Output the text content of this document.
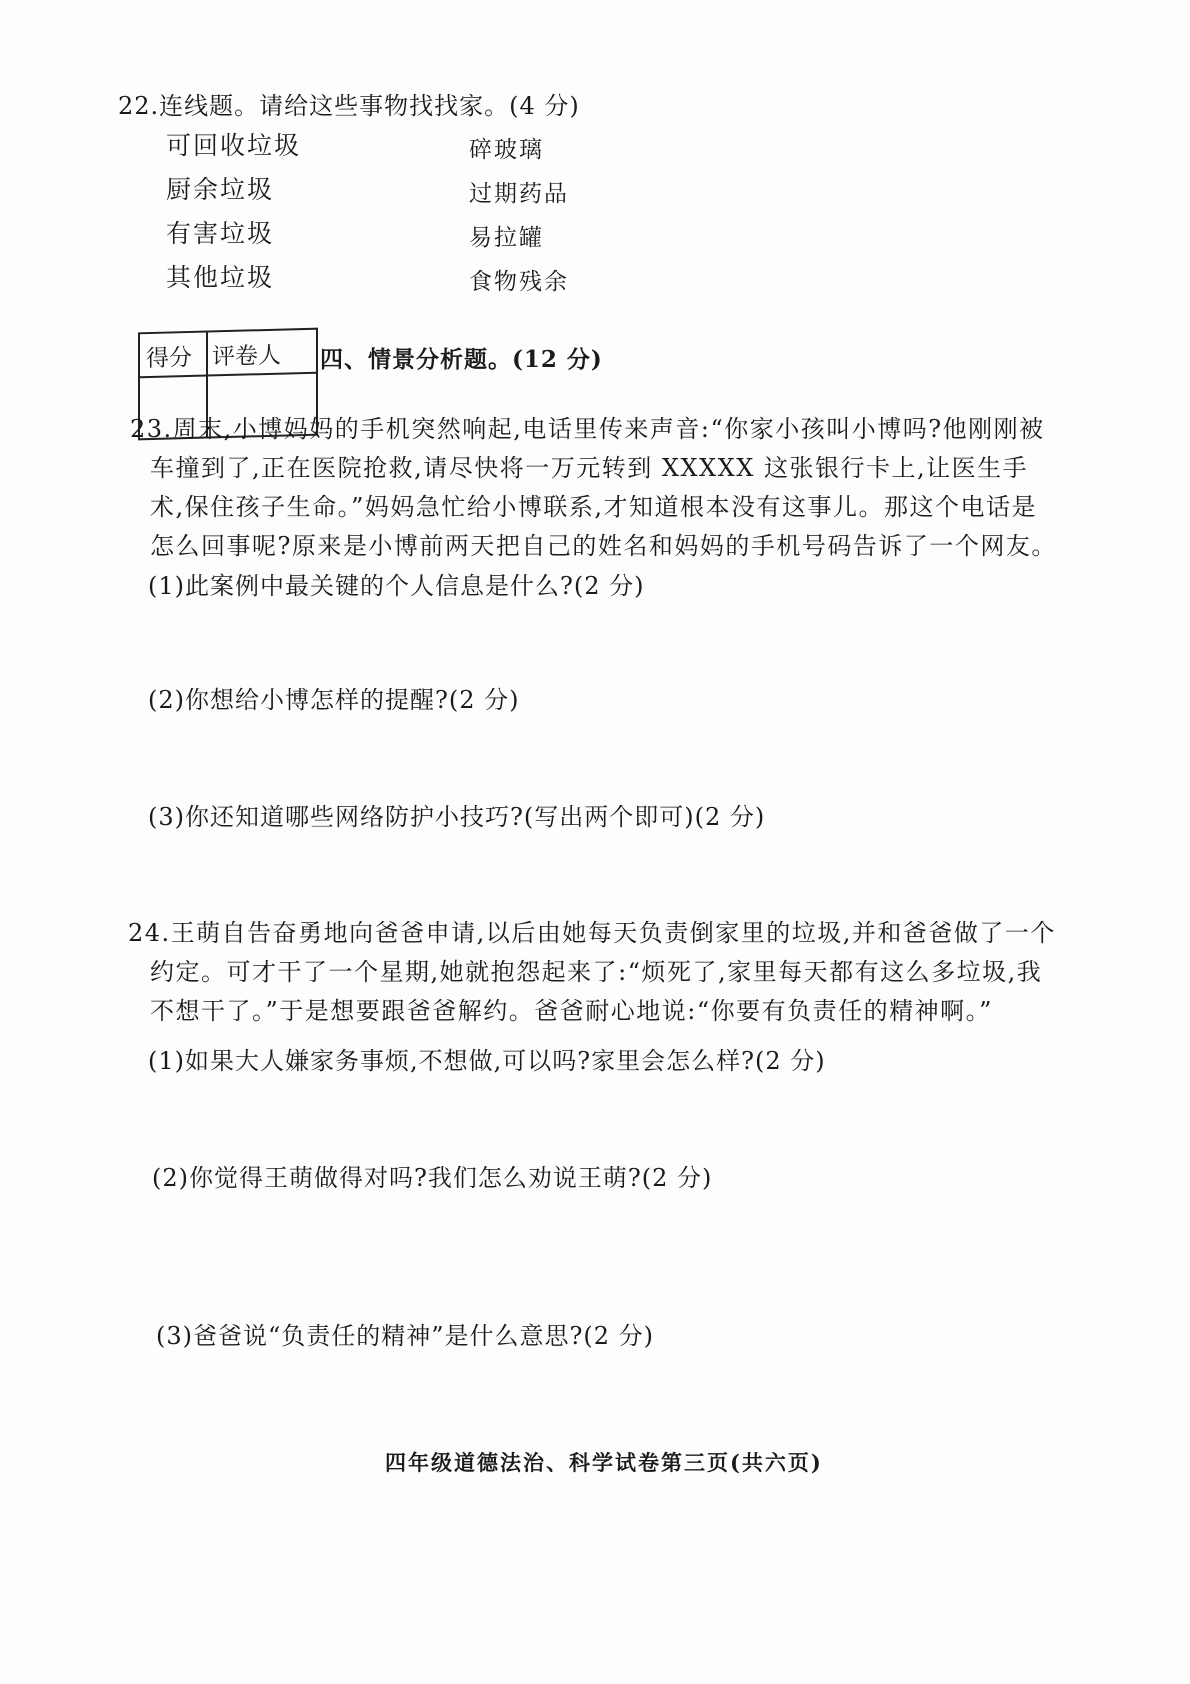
22.连线题。请给这些事物找找家。(4 分)
可回收垃圾
厨余垃圾
有害垃圾
其他垃圾
碎玻璃
过期药品
易拉罐
食物残余
得分 评卷人 四、情景分析题。(12 分)
23.周末,小博妈妈的手机突然响起,电话里传来声音:“你家小孩叫小博吗?他刚刚被
车撞到了,正在医院抢救,请尽快将一万元转到 XXXXX 这张银行卡上,让医生手
术,保住孩子生命。”妈妈急忙给小博联系,才知道根本没有这事儿。那这个电话是
怎么回事呢?原来是小博前两天把自己的姓名和妈妈的手机号码告诉了一个网友。
(1)此案例中最关键的个人信息是什么?(2 分)
(2)你想给小博怎样的提醒?(2 分)
(3)你还知道哪些网络防护小技巧?(写出两个即可)(2 分)
24.王萌自告奋勇地向爸爸申请,以后由她每天负责倒家里的垃圾,并和爸爸做了一个
约定。可才干了一个星期,她就抱怨起来了:“烦死了,家里每天都有这么多垃圾,我
不想干了。”于是想要跟爸爸解约。爸爸耐心地说:“你要有负责任的精神啊。”
(1)如果大人嫌家务事烦,不想做,可以吗?家里会怎么样?(2 分)
(2)你觉得王萌做得对吗?我们怎么劝说王萌?(2 分)
(3)爸爸说“负责任的精神”是什么意思?(2 分)
四年级道德法治、科学试卷第三页(共六页)
